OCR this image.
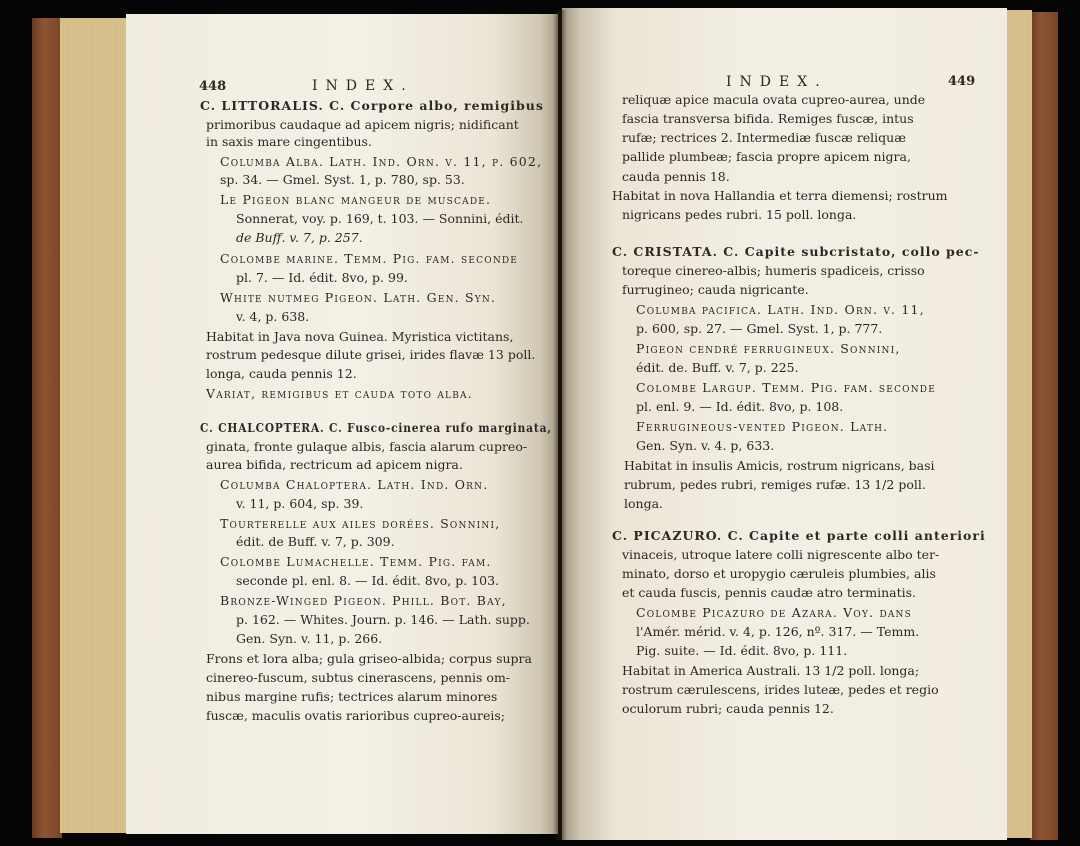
448	INDEX.
C. LITTORALIS. C. Corpore albo, remigibus
primoribus caudaque ad apicem nigris; nidificant
in saxis mare cingentibus.
Columba Alba. Lath. Ind. Orn. v. 11, p. 602,
sp. 34. — Gmel. Syst. 1, p. 780, sp. 53.
Le Pigeon blanc mangeur de muscade.
Sonnerat, voy. p. 169, t. 103. — Sonnini, édit.
de Buff. v. 7, p. 257.
Colombe marine. Temm. Pig. fam. seconde
pl. 7. — Id. édit. 8vo, p. 99.
White nutmeg Pigeon. Lath. Gen. Syn.
v. 4, p. 638.
Habitat in Java nova Guinea. Myristica victitans,
rostrum pedesque dilute grisei, irides flavæ 13 poll.
longa, cauda pennis 12.
Variat, remigibus et cauda toto alba.
C. CHALCOPTERA. C. Fusco-cinerea rufo marginata,
ginata, fronte gulaque albis, fascia alarum cupreo-
aurea bifida, rectricum ad apicem nigra.
Columba Chaloptera. Lath. Ind. Orn.
v. 11, p. 604, sp. 39.
Tourterelle aux ailes dorées. Sonnini,
édit. de Buff. v. 7, p. 309.
Colombe Lumachelle. Temm. Pig. fam.
seconde pl. enl. 8. — Id. édit. 8vo, p. 103.
Bronze-Winged Pigeon. Phill. Bot. Bay,
p. 162. — Whites. Journ. p. 146. — Lath. supp.
Gen. Syn. v. 11, p. 266.
Frons et lora alba; gula griseo-albida; corpus supra
cinereo-fuscum, subtus cinerascens, pennis om-
nibus margine rufis; tectrices alarum minores
fuscæ, maculis ovatis rarioribus cupreo-aureis;
INDEX.	449
reliquæ apice macula ovata cupreo-aurea, unde
fascia transversa bifida. Remiges fuscæ, intus
rufæ; rectrices 2. Intermediæ fuscæ reliquæ
pallide plumbeæ; fascia propre apicem nigra,
cauda pennis 18.
Habitat in nova Hallandia et terra diemensi; rostrum
nigricans pedes rubri. 15 poll. longa.
C. CRISTATA. C. Capite subcristato, collo pec-
toreque cinereo-albis; humeris spadiceis, crisso
furrugineo; cauda nigricante.
Columba pacifica. Lath. Ind. Orn. v. 11,
p. 600, sp. 27. — Gmel. Syst. 1, p. 777.
Pigeon cendré ferrugineux. Sonnini,
édit. de. Buff. v. 7, p. 225.
Colombe Largup. Temm. Pig. fam. seconde
pl. enl. 9. — Id. édit. 8vo, p. 108.
Ferrugineous-vented Pigeon. Lath.
Gen. Syn. v. 4. p, 633.
Habitat in insulis Amicis, rostrum nigricans, basi
rubrum, pedes rubri, remiges rufæ. 13 1/2 poll.
longa.
C. PICAZURO. C. Capite et parte colli anteriori
vinaceis, utroque latere colli nigrescente albo ter-
minato, dorso et uropygio cæruleis plumbies, alis
et cauda fuscis, pennis caudæ atro terminatis.
Colombe Picazuro de Azara. Voy. dans
l'Amér. mérid. v. 4, p. 126, nº. 317. — Temm.
Pig. suite. — Id. édit. 8vo, p. 111.
Habitat in America Australi. 13 1/2 poll. longa;
rostrum cærulescens, irides luteæ, pedes et regio
oculorum rubri; cauda pennis 12.
